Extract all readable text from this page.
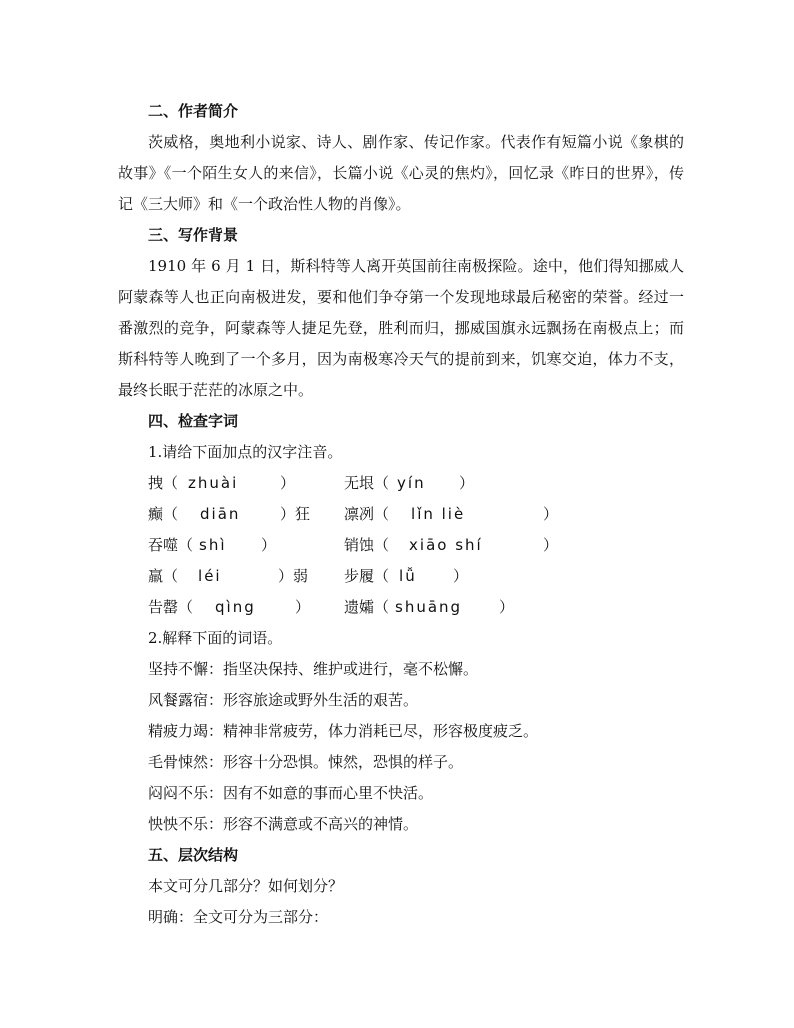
二、作者简介
茨威格，奥地利小说家、诗人、剧作家、传记作家。代表作有短篇小说《象棋的故事》《一个陌生女人的来信》，长篇小说《心灵的焦灼》，回忆录《昨日的世界》，传记《三大师》和《一个政治性人物的肖像》。
三、写作背景
1910 年 6 月 1 日，斯科特等人离开英国前往南极探险。途中，他们得知挪威人阿蒙森等人也正向南极进发，要和他们争夺第一个发现地球最后秘密的荣誉。经过一番激烈的竞争，阿蒙森等人捷足先登，胜利而归，挪威国旗永远飘扬在南极点上；而斯科特等人晚到了一个多月，因为南极寒冷天气的提前到来，饥寒交迫，体力不支，最终长眠于茫茫的冰原之中。
四、检查字词
1.请给下面加点的汉字注音。
拽 （ zhuài	）	无垠 （ yín	）
癫 （	diān	） 狂 凛冽 （	lǐn liè	）
吞噬 （ shì	）	销蚀 （	xiāo shí	）
羸 （	léi	） 弱 步履 （ lǚ	）
告罄 （	qìng	） 遗孀 （ shuāng	）
2.解释下面的词语。
坚持不懈：指坚决保持、维护或进行，毫不松懈。
风餐露宿：形容旅途或野外生活的艰苦。
精疲力竭：精神非常疲劳，体力消耗已尽，形容极度疲乏。
毛骨悚然：形容十分恐惧。悚然，恐惧的样子。
闷闷不乐：因有不如意的事而心里不快活。
怏怏不乐：形容不满意或不高兴的神情。
五、层次结构
本文可分几部分？如何划分？
明确：全文可分为三部分：
